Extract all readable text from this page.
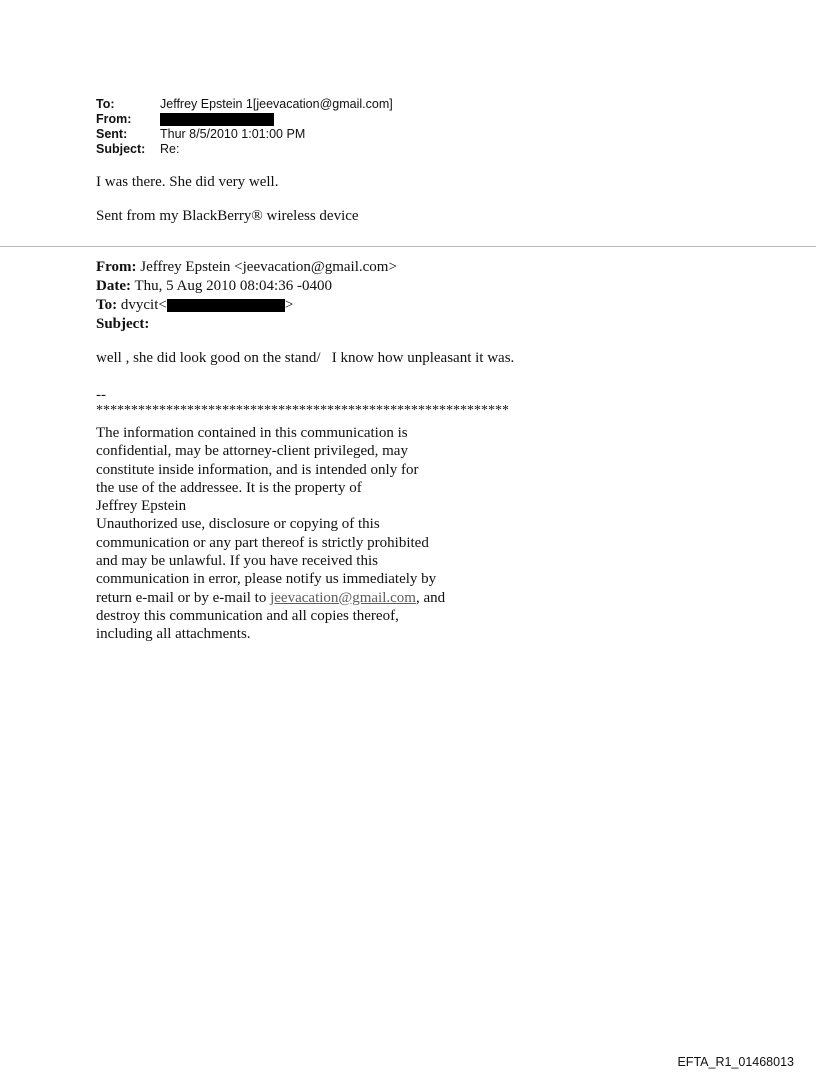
To:	Jeffrey Epstein 1[jeevacation@gmail.com]
From:
Sent:	Thur 8/5/2010 1:01:00 PM
Subject:	Re:
I was there. She did very well.
Sent from my BlackBerry® wireless device
From: Jeffrey Epstein <jeevacation@gmail.com>
Date: Thu, 5 Aug 2010 08:04:36 -0400
To: dvycit<	>
Subject:
well , she did look good on the stand/   I know how unpleasant it was.
--
***********************************************************
The information contained in this communication is
confidential, may be attorney-client privileged, may
constitute inside information, and is intended only for
the use of the addressee. It is the property of
Jeffrey Epstein
Unauthorized use, disclosure or copying of this
communication or any part thereof is strictly prohibited
and may be unlawful. If you have received this
communication in error, please notify us immediately by
return e-mail or by e-mail to jeevacation@gmail.com, and
destroy this communication and all copies thereof,
including all attachments.
EFTA_R1_01468013
